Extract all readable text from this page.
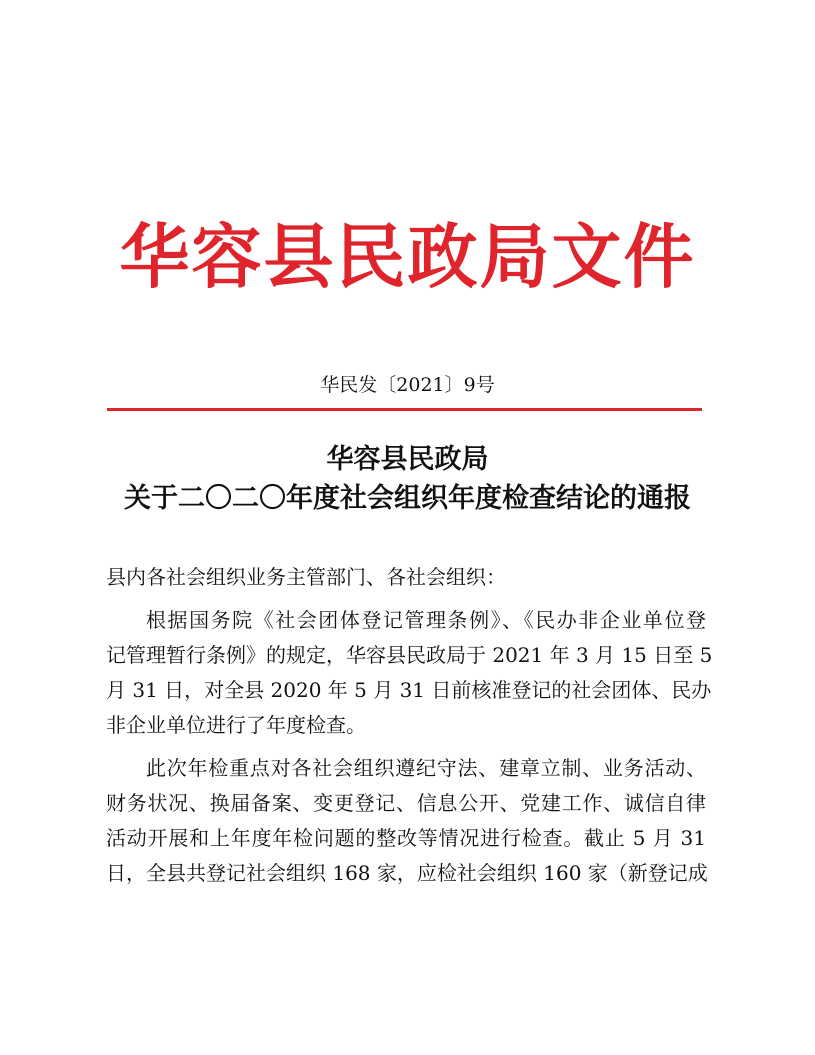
华容县民政局文件
华民发〔2021〕9号
华容县民政局
关于二〇二〇年度社会组织年度检查结论的通报
县内各社会组织业务主管部门、各社会组织：
根据国务院《社会团体登记管理条例》、《民办非企业单位登
记管理暂行条例》的规定，华容县民政局于 2021 年 3 月 15 日至 5
月 31 日，对全县 2020 年 5 月 31 日前核准登记的社会团体、民办
非企业单位进行了年度检查。
此次年检重点对各社会组织遵纪守法、建章立制、业务活动、
财务状况、换届备案、变更登记、信息公开、党建工作、诚信自律
活动开展和上年度年检问题的整改等情况进行检查。截止 5 月 31
日，全县共登记社会组织 168 家，应检社会组织 160 家（新登记成
